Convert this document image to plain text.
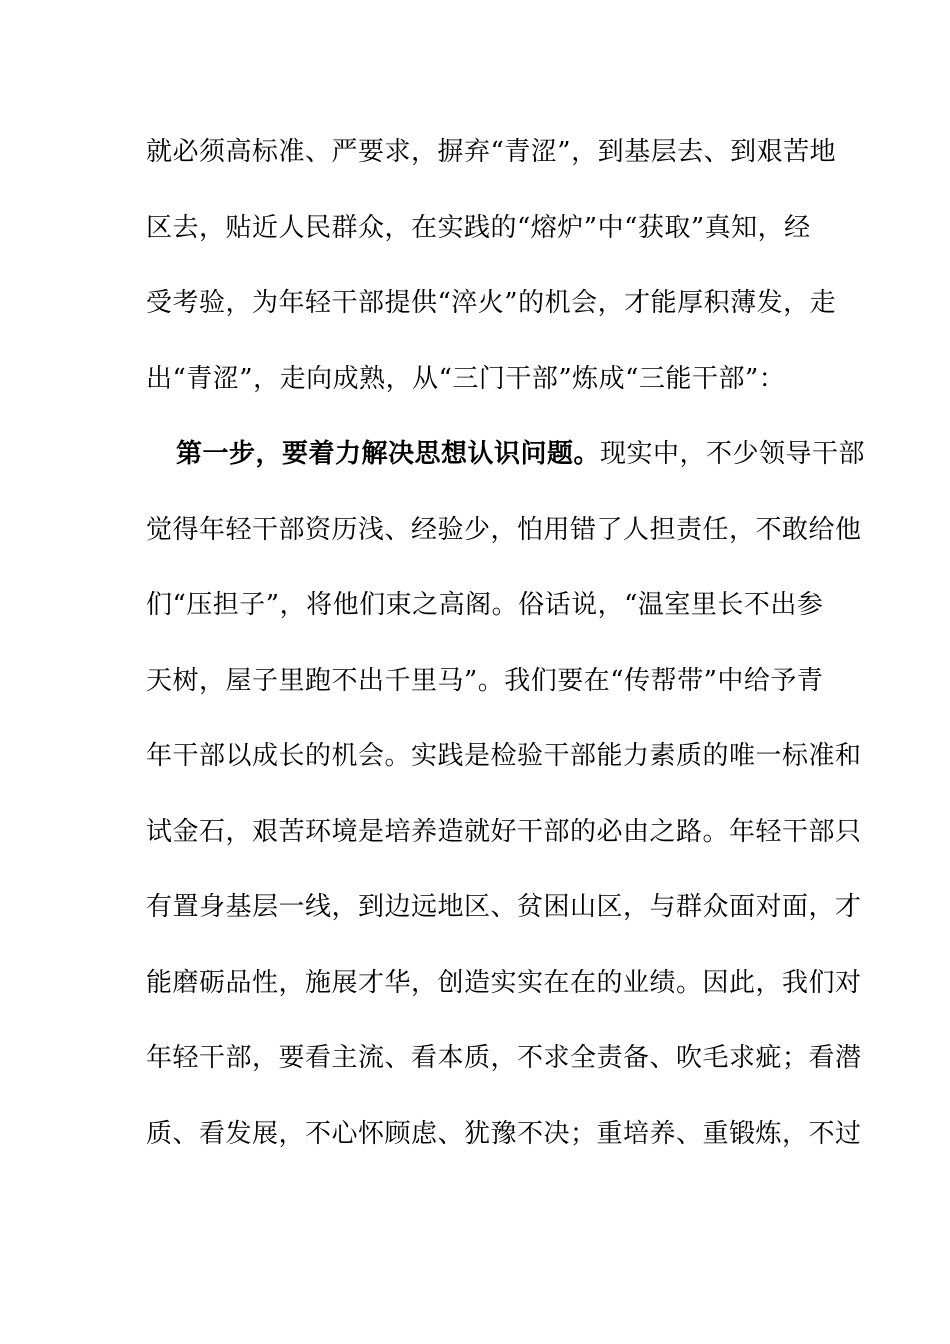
就必须高标准、严要求，摒弃“青涩”，到基层去、到艰苦地
区去，贴近人民群众，在实践的“熔炉”中“获取”真知，经
受考验，为年轻干部提供“淬火”的机会，才能厚积薄发，走
出“青涩”，走向成熟，从“三门干部”炼成“三能干部”：
第一步，要着力解决思想认识问题。现实中，不少领导干部
觉得年轻干部资历浅、经验少，怕用错了人担责任，不敢给他
们“压担子”，将他们束之高阁。俗话说，“温室里长不出参
天树，屋子里跑不出千里马”。我们要在“传帮带”中给予青
年干部以成长的机会。实践是检验干部能力素质的唯一标准和
试金石，艰苦环境是培养造就好干部的必由之路。年轻干部只
有置身基层一线，到边远地区、贫困山区，与群众面对面，才
能磨砺品性，施展才华，创造实实在在的业绩。因此，我们对
年轻干部，要看主流、看本质，不求全责备、吹毛求疵；看潜
质、看发展，不心怀顾虑、犹豫不决；重培养、重锻炼，不过
